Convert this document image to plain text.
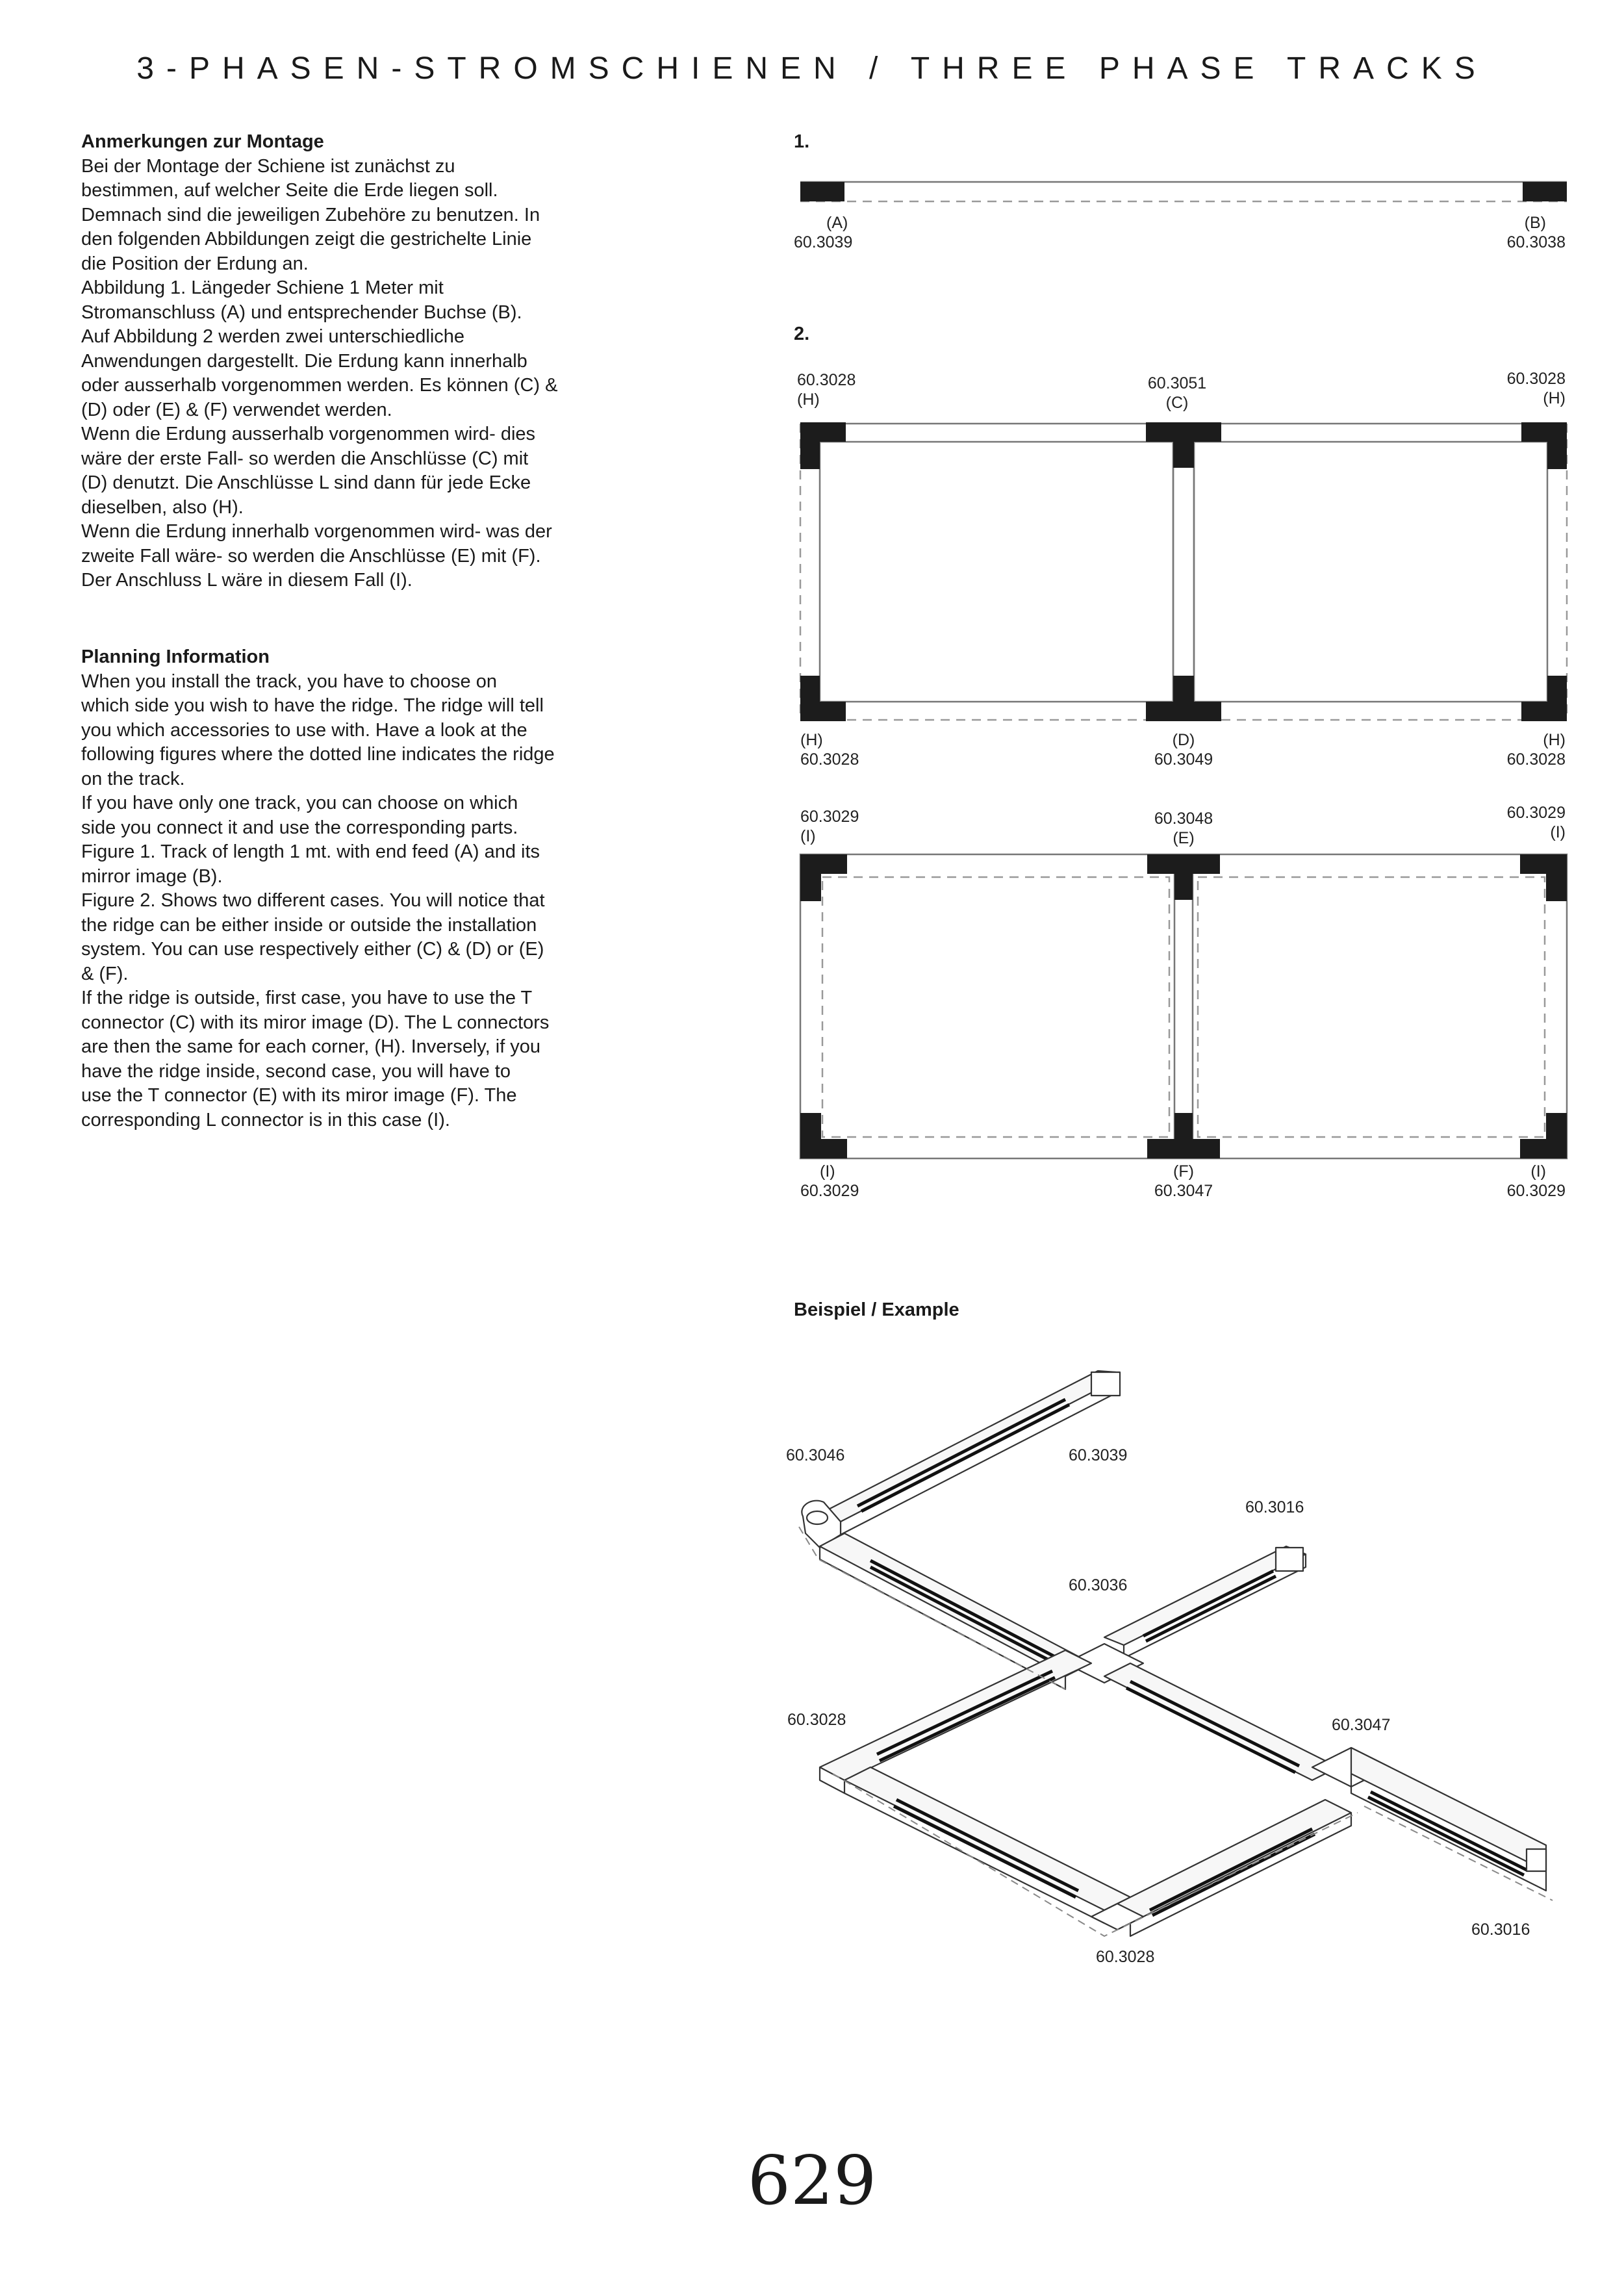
3-PHASEN-STROMSCHIENEN / THREE PHASE TRACKS
Anmerkungen zur Montage

Bei der Montage der Schiene ist zunächst zu
bestimmen, auf welcher Seite die Erde liegen soll.
Demnach sind die jeweiligen Zubehöre zu benutzen. In
den folgenden Abbildungen zeigt die gestrichelte Linie
die Position der Erdung an.
Abbildung 1. Längeder Schiene 1 Meter mit
Stromanschluss (A) und entsprechender Buchse (B).
Auf Abbildung 2 werden zwei unterschiedliche
Anwendungen dargestellt. Die Erdung kann innerhalb
oder ausserhalb vorgenommen werden. Es können (C) &
(D) oder (E) & (F) verwendet werden.
Wenn die Erdung ausserhalb vorgenommen wird- dies
wäre der erste Fall- so werden die Anschlüsse (C) mit
(D) denutzt. Die Anschlüsse L sind dann für jede Ecke
dieselben, also (H).
Wenn die Erdung innerhalb vorgenommen wird- was der
zweite Fall wäre- so werden die Anschlüsse (E) mit (F).
Der Anschluss L wäre in diesem Fall (I).

Planning Information

When you install the track, you have to choose on
which side you wish to have the ridge. The ridge will tell
you which accessories to use with. Have a look at the
following figures where the dotted line indicates the ridge
on the track.
If you have only one track, you can choose on which
side you connect it and use the corresponding parts.
Figure 1. Track of length 1 mt. with end feed (A) and its
mirror image (B).
Figure 2. Shows two different cases. You will notice that
the ridge can be either inside or outside the installation
system. You can use respectively either (C) & (D) or (E)
& (F).
If the ridge is outside, first case, you have to use the T
connector (C) with its miror image (D). The L connectors
are then the same for each corner, (H). Inversely, if you
have the ridge inside, second case, you will have to
use the T connector (E) with its miror image (F). The
corresponding L connector is in this case (I).

1.
(A)
60.3039
(B)
60.3038
2.
60.3028
(H)
60.3051
(C)
60.3028
(H)
(H)
60.3028
(D)
60.3049
(H)
60.3028
60.3029
(I)
60.3048
(E)
60.3029
(I)
(I)
60.3029
(F)
60.3047
(I)
60.3029
Beispiel / Example
60.3046	60.3039
60.3016
60.3036
60.3028	60.3047
60.3016
60.3028
629
